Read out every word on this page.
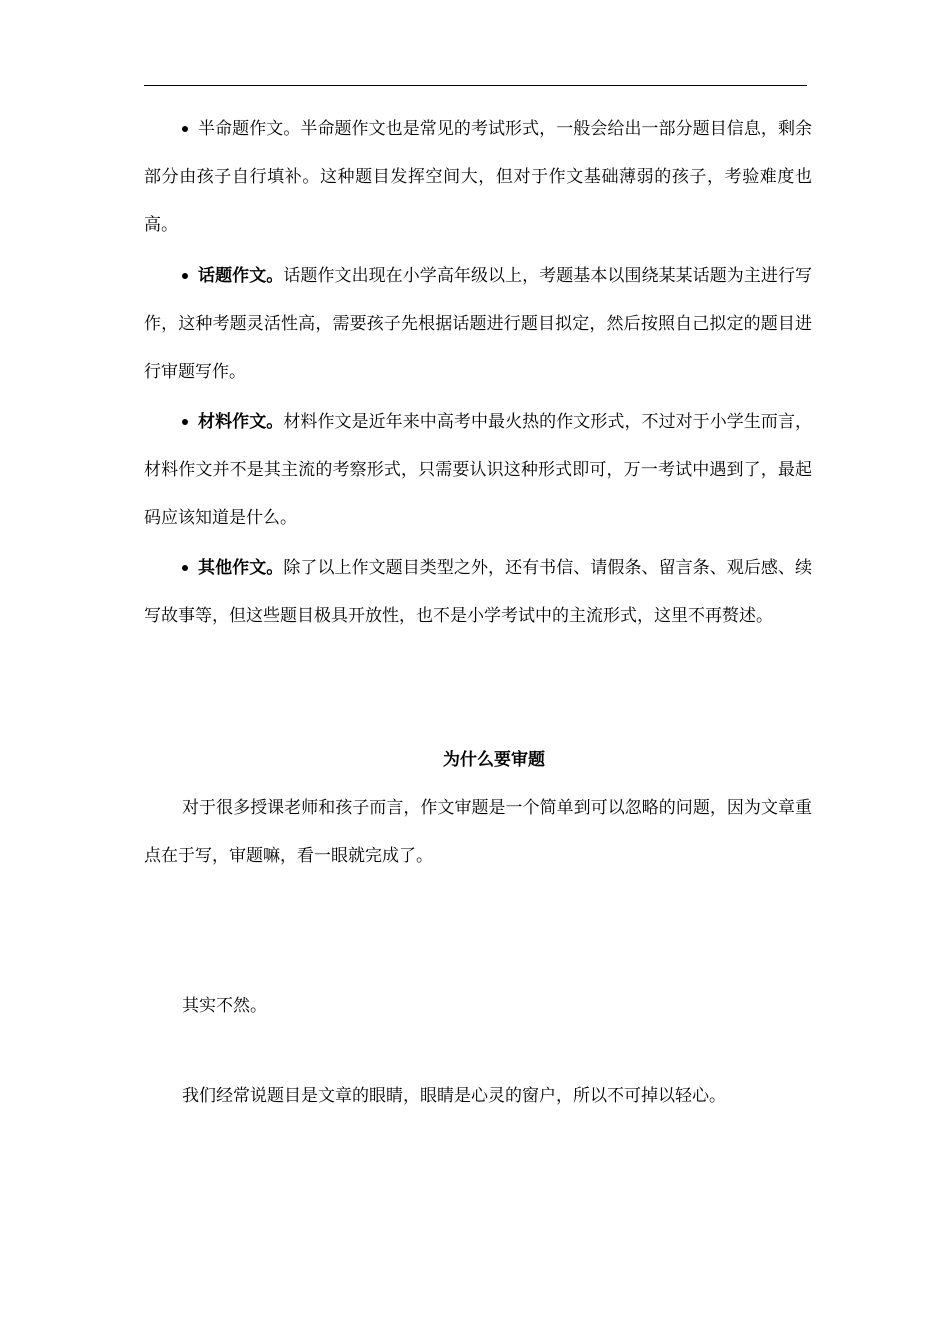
半命题作文。半命题作文也是常见的考试形式，一般会给出一部分题目信息，剩余部分由孩子自行填补。这种题目发挥空间大，但对于作文基础薄弱的孩子，考验难度也高。

话题作文。话题作文出现在小学高年级以上，考题基本以围绕某某话题为主进行写作，这种考题灵活性高，需要孩子先根据话题进行题目拟定，然后按照自己拟定的题目进行审题写作。

材料作文。材料作文是近年来中高考中最火热的作文形式，不过对于小学生而言，材料作文并不是其主流的考察形式，只需要认识这种形式即可，万一考试中遇到了，最起码应该知道是什么。

其他作文。除了以上作文题目类型之外，还有书信、请假条、留言条、观后感、续写故事等，但这些题目极具开放性，也不是小学考试中的主流形式，这里不再赘述。

为什么要审题

对于很多授课老师和孩子而言，作文审题是一个简单到可以忽略的问题，因为文章重点在于写，审题嘛，看一眼就完成了。

其实不然。

我们经常说题目是文章的眼睛，眼睛是心灵的窗户，所以不可掉以轻心。
